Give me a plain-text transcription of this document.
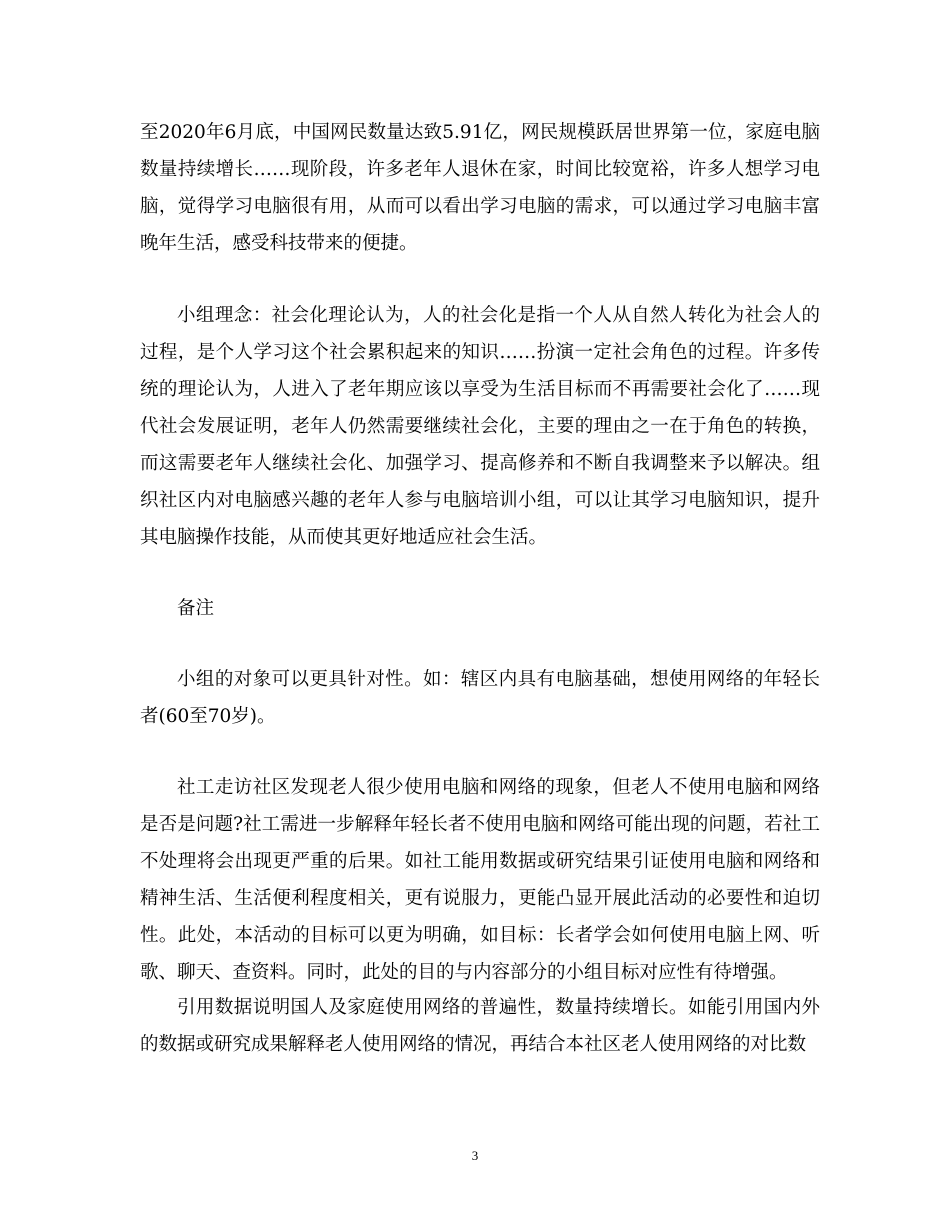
至2020年6月底，中国网民数量达致5.91亿，网民规模跃居世界第一位，家庭电脑数量持续增长……现阶段，许多老年人退休在家，时间比较宽裕，许多人想学习电脑，觉得学习电脑很有用，从而可以看出学习电脑的需求，可以通过学习电脑丰富晚年生活，感受科技带来的便捷。

小组理念：社会化理论认为，人的社会化是指一个人从自然人转化为社会人的过程，是个人学习这个社会累积起来的知识……扮演一定社会角色的过程。许多传统的理论认为，人进入了老年期应该以享受为生活目标而不再需要社会化了……现代社会发展证明，老年人仍然需要继续社会化，主要的理由之一在于角色的转换，而这需要老年人继续社会化、加强学习、提高修养和不断自我调整来予以解决。组织社区内对电脑感兴趣的老年人参与电脑培训小组，可以让其学习电脑知识，提升其电脑操作技能，从而使其更好地适应社会生活。

备注

小组的对象可以更具针对性。如：辖区内具有电脑基础，想使用网络的年轻长者(60至70岁)。

社工走访社区发现老人很少使用电脑和网络的现象，但老人不使用电脑和网络是否是问题?社工需进一步解释年轻长者不使用电脑和网络可能出现的问题，若社工不处理将会出现更严重的后果。如社工能用数据或研究结果引证使用电脑和网络和精神生活、生活便利程度相关，更有说服力，更能凸显开展此活动的必要性和迫切性。此处，本活动的目标可以更为明确，如目标：长者学会如何使用电脑上网、听歌、聊天、查资料。同时，此处的目的与内容部分的小组目标对应性有待增强。

引用数据说明国人及家庭使用网络的普遍性，数量持续增长。如能引用国内外的数据或研究成果解释老人使用网络的情况，再结合本社区老人使用网络的对比数

3
